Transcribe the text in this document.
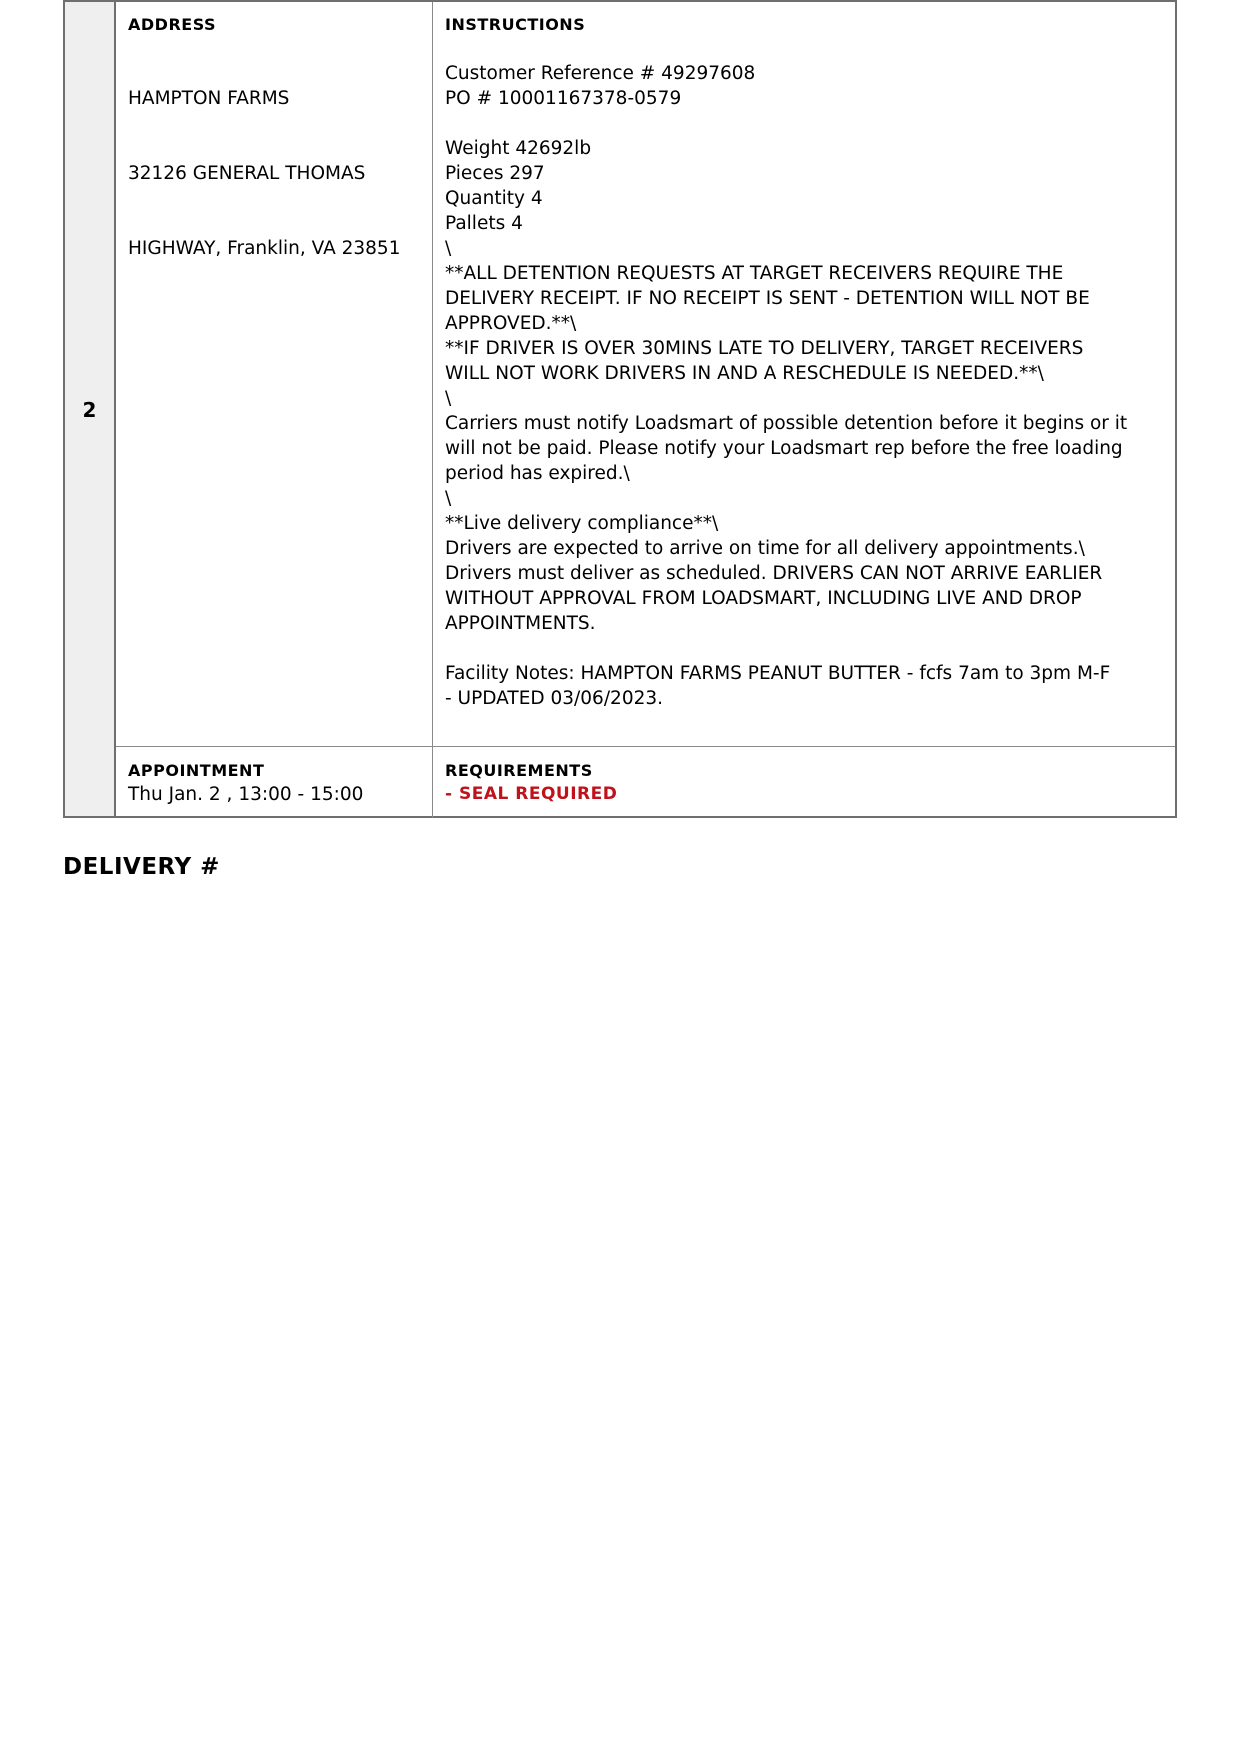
2
ADDRESS

HAMPTON FARMS

32126 GENERAL THOMAS

HIGHWAY, Franklin, VA 23851

INSTRUCTIONS
Customer Reference # 49297608
PO # 10001167378-0579
Weight 42692lb
Pieces 297
Quantity 4
Pallets 4
\
**ALL DETENTION REQUESTS AT TARGET RECEIVERS REQUIRE THE
DELIVERY RECEIPT. IF NO RECEIPT IS SENT - DETENTION WILL NOT BE
APPROVED.**\
**IF DRIVER IS OVER 30MINS LATE TO DELIVERY, TARGET RECEIVERS
WILL NOT WORK DRIVERS IN AND A RESCHEDULE IS NEEDED.**\
\
Carriers must notify Loadsmart of possible detention before it begins or it
will not be paid. Please notify your Loadsmart rep before the free loading
period has expired.\
\
**Live delivery compliance**\
Drivers are expected to arrive on time for all delivery appointments.\
Drivers must deliver as scheduled. DRIVERS CAN NOT ARRIVE EARLIER
WITHOUT APPROVAL FROM LOADSMART, INCLUDING LIVE AND DROP
APPOINTMENTS.
Facility Notes: HAMPTON FARMS PEANUT BUTTER - fcfs 7am to 3pm M-F
- UPDATED 03/06/2023.
APPOINTMENT
Thu Jan. 2 , 13:00 - 15:00
REQUIREMENTS
- SEAL REQUIRED
DELIVERY #
